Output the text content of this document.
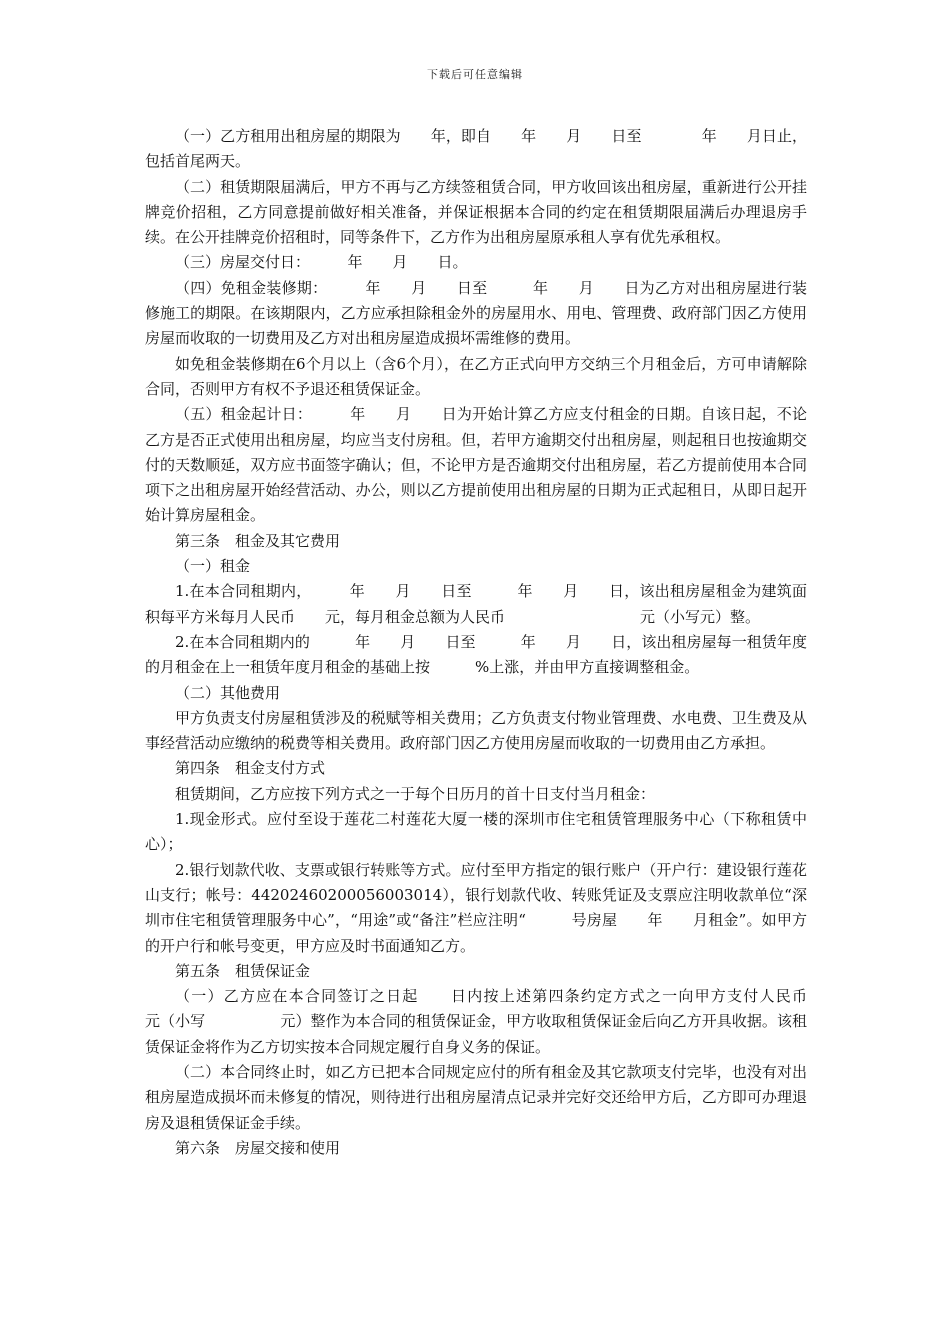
下载后可任意编辑

（一）乙方租用出租房屋的期限为　　年，即自　　年　　月　　日至　　　　年　　月日止，包括首尾两天。

（二）租赁期限届满后，甲方不再与乙方续签租赁合同，甲方收回该出租房屋，重新进行公开挂牌竞价招租，乙方同意提前做好相关准备，并保证根据本合同的约定在租赁期限届满后办理退房手续。在公开挂牌竞价招租时，同等条件下，乙方作为出租房屋原承租人享有优先承租权。

（三）房屋交付日：　　　年　　月　　日。

（四）免租金装修期：　　　年　　月　　日至　　　年　　月　　日为乙方对出租房屋进行装修施工的期限。在该期限内，乙方应承担除租金外的房屋用水、用电、管理费、政府部门因乙方使用房屋而收取的一切费用及乙方对出租房屋造成损坏需维修的费用。

如免租金装修期在6个月以上（含6个月），在乙方正式向甲方交纳三个月租金后，方可申请解除合同，否则甲方有权不予退还租赁保证金。

（五）租金起计日：　　　年　　月　　日为开始计算乙方应支付租金的日期。自该日起，不论乙方是否正式使用出租房屋，均应当支付房租。但，若甲方逾期交付出租房屋，则起租日也按逾期交付的天数顺延，双方应书面签字确认；但，不论甲方是否逾期交付出租房屋，若乙方提前使用本合同项下之出租房屋开始经营活动、办公，则以乙方提前使用出租房屋的日期为正式起租日，从即日起开始计算房屋租金。

第三条　租金及其它费用

（一）租金

1.在本合同租期内，　　　年　　月　　日至　　　年　　月　　日，该出租房屋租金为建筑面积每平方米每月人民币　　元，每月租金总额为人民币　　　　　　　　　元（小写元）整。

2.在本合同租期内的　　　年　　月　　日至　　　年　　月　　日，该出租房屋每一租赁年度的月租金在上一租赁年度月租金的基础上按　　　%上涨，并由甲方直接调整租金。

（二）其他费用

甲方负责支付房屋租赁涉及的税赋等相关费用；乙方负责支付物业管理费、水电费、卫生费及从事经营活动应缴纳的税费等相关费用。政府部门因乙方使用房屋而收取的一切费用由乙方承担。

第四条　租金支付方式

租赁期间，乙方应按下列方式之一于每个日历月的首十日支付当月租金：

1.现金形式。应付至设于莲花二村莲花大厦一楼的深圳市住宅租赁管理服务中心（下称租赁中心）；

2.银行划款代收、支票或银行转账等方式。应付至甲方指定的银行账户（开户行：建设银行莲花山支行；帐号：44202460200056003014），银行划款代收、转账凭证及支票应注明收款单位“深圳市住宅租赁管理服务中心”，“用途”或“备注”栏应注明“　　　号房屋　　年　　月租金”。如甲方的开户行和帐号变更，甲方应及时书面通知乙方。

第五条　租赁保证金

（一）乙方应在本合同签订之日起　　日内按上述第四条约定方式之一向甲方支付人民币　　　　　　　元（小写　　　　　元）整作为本合同的租赁保证金，甲方收取租赁保证金后向乙方开具收据。该租赁保证金将作为乙方切实按本合同规定履行自身义务的保证。

（二）本合同终止时，如乙方已把本合同规定应付的所有租金及其它款项支付完毕，也没有对出租房屋造成损坏而未修复的情况，则待进行出租房屋清点记录并完好交还给甲方后，乙方即可办理退房及退租赁保证金手续。

第六条　房屋交接和使用
